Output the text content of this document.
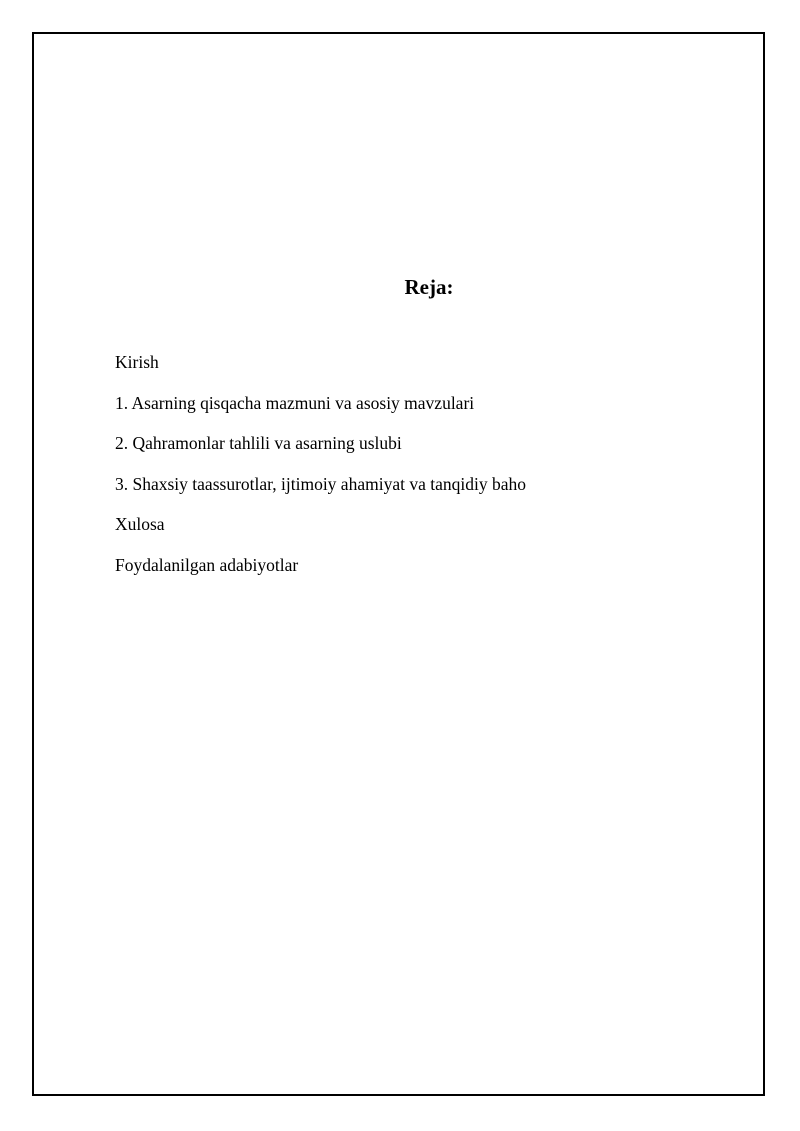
Reja:
Kirish
1. Asarning qisqacha mazmuni va asosiy mavzulari
2. Qahramonlar tahlili va asarning uslubi
3. Shaxsiy taassurotlar, ijtimoiy ahamiyat va tanqidiy baho
Xulosa
Foydalanilgan adabiyotlar
